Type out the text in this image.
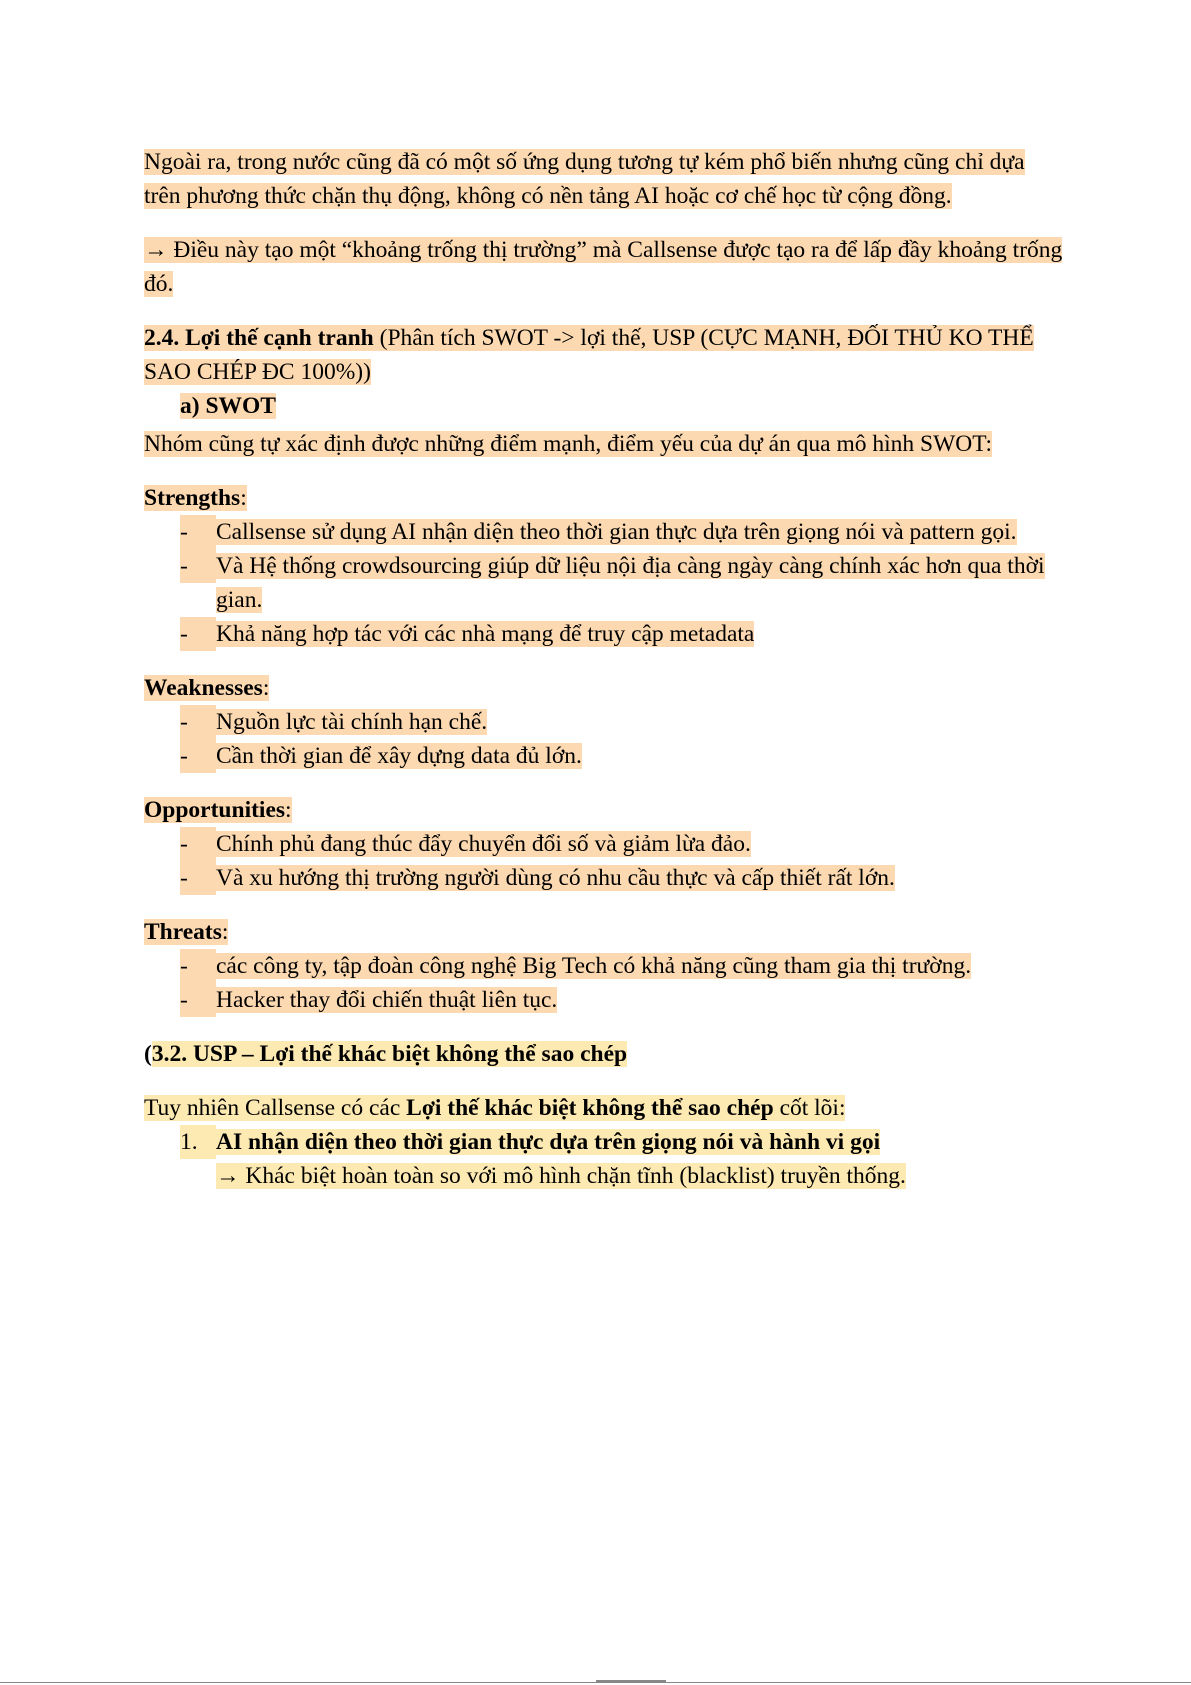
Ngoài ra, trong nước cũng đã có một số ứng dụng tương tự kém phổ biến nhưng cũng chỉ dựa trên phương thức chặn thụ động, không có nền tảng AI hoặc cơ chế học từ cộng đồng.

→ Điều này tạo một “khoảng trống thị trường” mà Callsense được tạo ra để lấp đầy khoảng trống đó.

2.4. Lợi thế cạnh tranh (Phân tích SWOT -> lợi thế, USP (CỰC MẠNH, ĐỐI THỦ KO THỂ SAO CHÉP ĐC 100%))

a) SWOT

Nhóm cũng tự xác định được những điểm mạnh, điểm yếu của dự án qua mô hình SWOT:

Strengths:

-	Callsense sử dụng AI nhận diện theo thời gian thực dựa trên giọng nói và pattern gọi.
-	Và Hệ thống crowdsourcing giúp dữ liệu nội địa càng ngày càng chính xác hơn qua thời gian.
-	Khả năng hợp tác với các nhà mạng để truy cập metadata

Weaknesses:

-	Nguồn lực tài chính hạn chế.
-	Cần thời gian để xây dựng data đủ lớn.

Opportunities:

-	Chính phủ đang thúc đẩy chuyển đổi số và giảm lừa đảo.
-	Và xu hướng thị trường người dùng có nhu cầu thực và cấp thiết rất lớn.

Threats:

-	các công ty, tập đoàn công nghệ Big Tech có khả năng cũng tham gia thị trường.
-	Hacker thay đổi chiến thuật liên tục.

(3.2. USP – Lợi thế khác biệt không thể sao chép

Tuy nhiên Callsense có các Lợi thế khác biệt không thể sao chép cốt lõi:

1. AI nhận diện theo thời gian thực dựa trên giọng nói và hành vi gọi
→ Khác biệt hoàn toàn so với mô hình chặn tĩnh (blacklist) truyền thống.
